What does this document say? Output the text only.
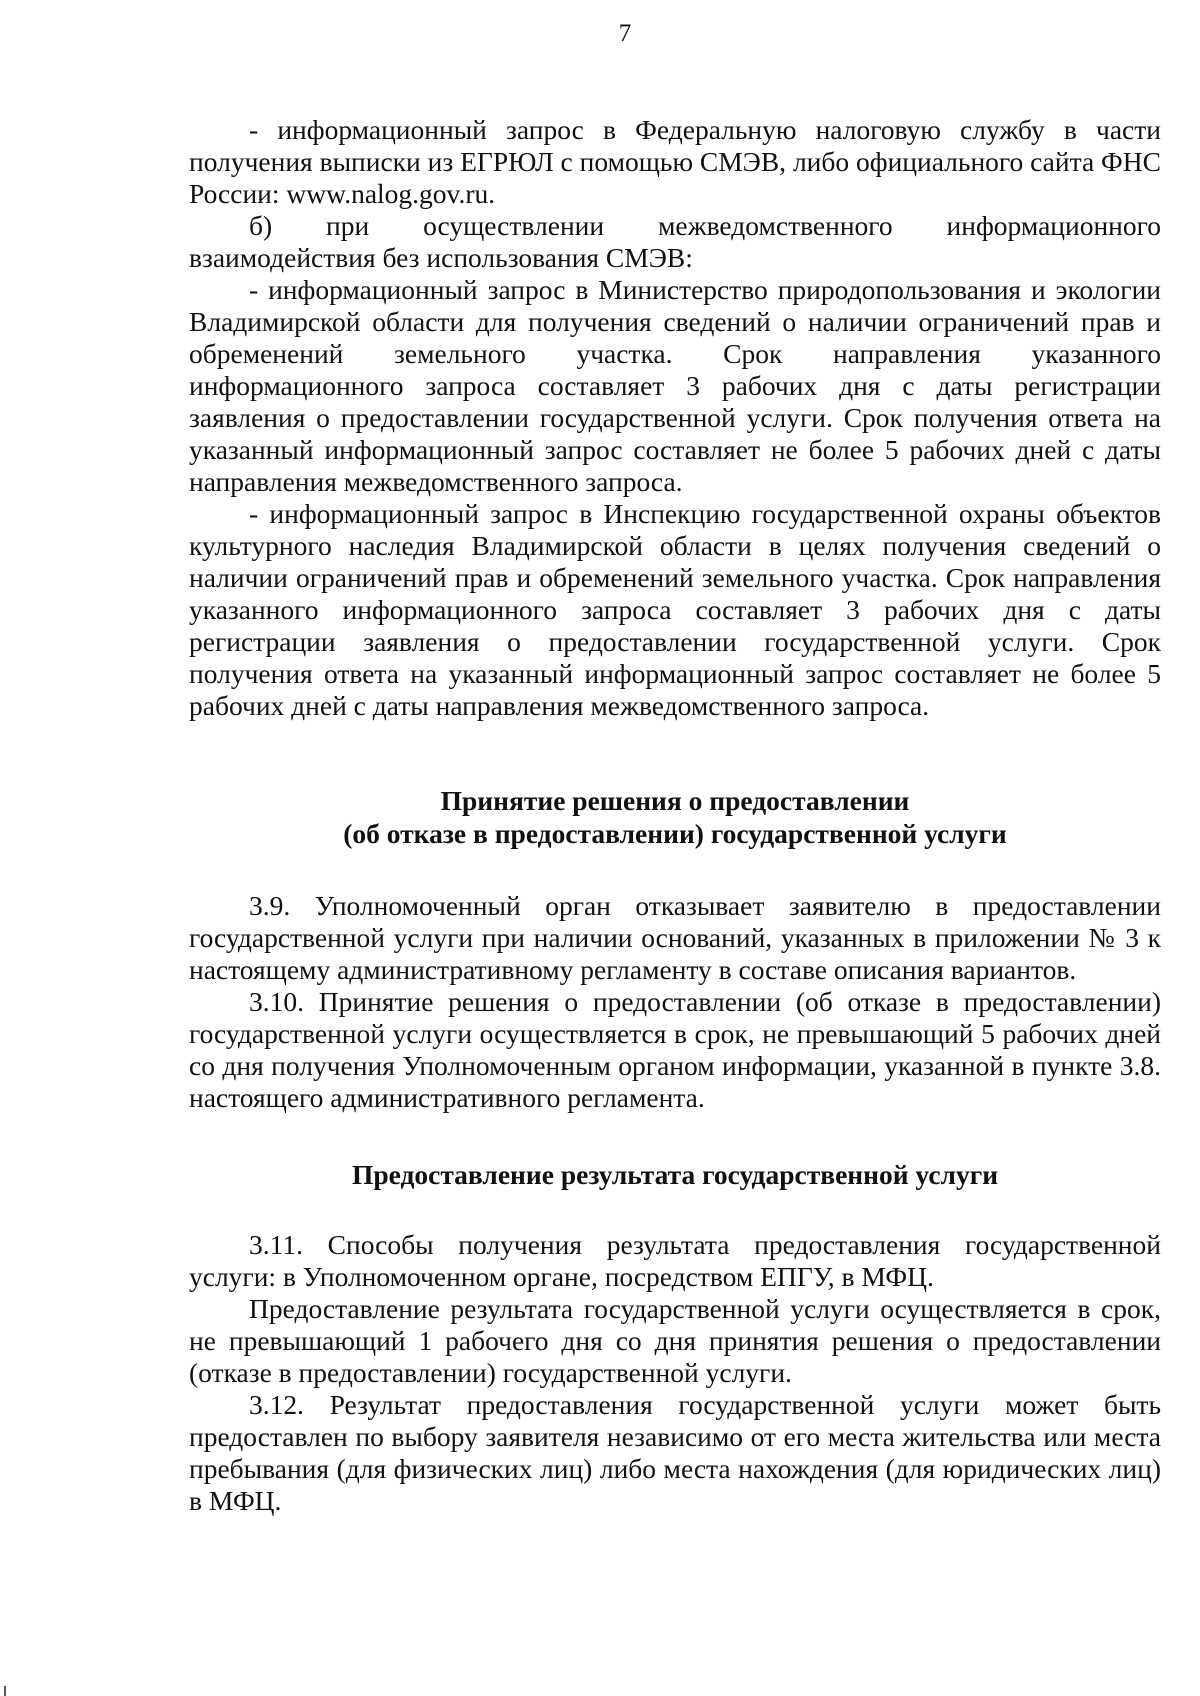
7

- информационный запрос в Федеральную налоговую службу в части получения выписки из ЕГРЮЛ с помощью СМЭВ, либо официального сайта ФНС России: www.nalog.gov.ru.

б) при осуществлении межведомственного информационного взаимодействия без использования СМЭВ:

- информационный запрос в Министерство природопользования и экологии Владимирской области для получения сведений о наличии ограничений прав и обременений земельного участка. Срок направления указанного информационного запроса составляет 3 рабочих дня с даты регистрации заявления о предоставлении государственной услуги. Срок получения ответа на указанный информационный запрос составляет не более 5 рабочих дней с даты направления межведомственного запроса.

- информационный запрос в Инспекцию государственной охраны объектов культурного наследия Владимирской области в целях получения сведений о наличии ограничений прав и обременений земельного участка. Срок направления указанного информационного запроса составляет 3 рабочих дня с даты регистрации заявления о предоставлении государственной услуги. Срок получения ответа на указанный информационный запрос составляет не более 5 рабочих дней с даты направления межведомственного запроса.

Принятие решения о предоставлении
(об отказе в предоставлении) государственной услуги

3.9. Уполномоченный орган отказывает заявителю в предоставлении государственной услуги при наличии оснований, указанных в приложении № 3 к настоящему административному регламенту в составе описания вариантов.

3.10. Принятие решения о предоставлении (об отказе в предоставлении) государственной услуги осуществляется в срок, не превышающий 5 рабочих дней со дня получения Уполномоченным органом информации, указанной в пункте 3.8. настоящего административного регламента.

Предоставление результата государственной услуги

3.11. Способы получения результата предоставления государственной услуги: в Уполномоченном органе, посредством ЕПГУ, в МФЦ.

Предоставление результата государственной услуги осуществляется в срок, не превышающий 1 рабочего дня со дня принятия решения о предоставлении (отказе в предоставлении) государственной услуги.

3.12. Результат предоставления государственной услуги может быть предоставлен по выбору заявителя независимо от его места жительства или места пребывания (для физических лиц) либо места нахождения (для юридических лиц) в МФЦ.
